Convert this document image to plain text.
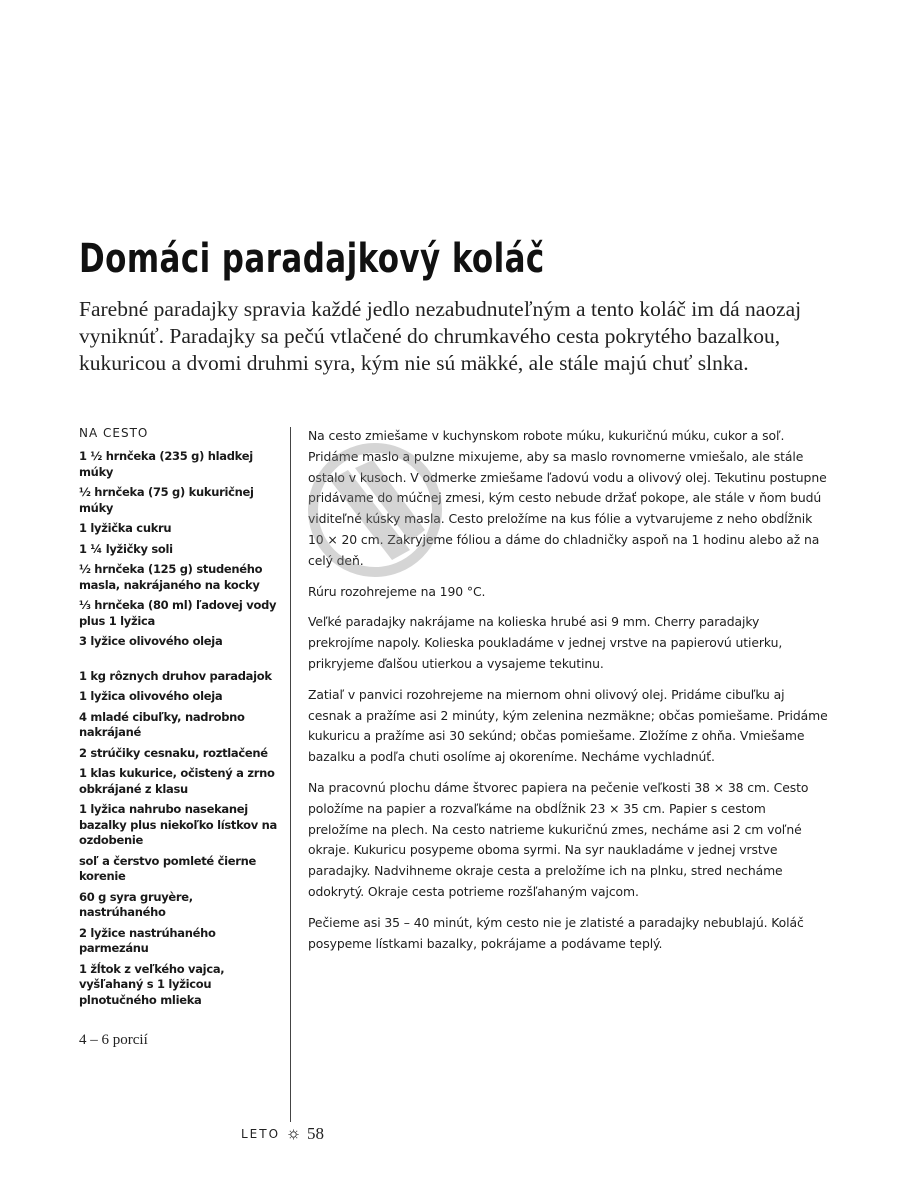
Domáci paradajkový koláč

Farebné paradajky spravia každé jedlo nezabudnuteľným a tento koláč im dá naozaj vyniknúť. Paradajky sa pečú vtlačené do chrumkavého cesta pokrytého bazalkou, kukuricou a dvomi druhmi syra, kým nie sú mäkké, ale stále majú chuť slnka.

NA CESTO
1 ½ hrnčeka (235 g) hladkej múky
½ hrnčeka (75 g) kukuričnej múky
1 lyžička cukru
1 ¼ lyžičky soli
½ hrnčeka (125 g) studeného masla, nakrájaného na kocky
⅓ hrnčeka (80 ml) ľadovej vody plus 1 lyžica
3 lyžice olivového oleja
1 kg rôznych druhov paradajok
1 lyžica olivového oleja
4 mladé cibuľky, nadrobno nakrájané
2 strúčiky cesnaku, roztlačené
1 klas kukurice, očistený a zrno obkrájané z klasu
1 lyžica nahrubo nasekanej bazalky plus niekoľko lístkov na ozdobenie
soľ a čerstvo pomleté čierne korenie
60 g syra gruyère, nastrúhaného
2 lyžice nastrúhaného parmezánu
1 žĺtok z veľkého vajca, vyšľahaný s 1 lyžicou plnotučného mlieka
4 – 6 porcií

Na cesto zmiešame v kuchynskom robote múku, kukuričnú múku, cukor a soľ. Pridáme maslo a pulzne mixujeme, aby sa maslo rovnomerne vmiešalo, ale stále ostalo v kusoch. V odmerke zmiešame ľadovú vodu a olivový olej. Tekutinu postupne pridávame do múčnej zmesi, kým cesto nebude držať pokope, ale stále v ňom budú viditeľné kúsky masla. Cesto preložíme na kus fólie a vytvarujeme z neho obdĺžnik 10 × 20 cm. Zakryjeme fóliou a dáme do chladničky aspoň na 1 hodinu alebo až na celý deň.

Rúru rozohrejeme na 190 °C.

Veľké paradajky nakrájame na kolieska hrubé asi 9 mm. Cherry paradajky prekrojíme napoly. Kolieska poukladáme v jednej vrstve na papierovú utierku, prikryjeme ďalšou utierkou a vysajeme tekutinu.

Zatiaľ v panvici rozohrejeme na miernom ohni olivový olej. Pridáme cibuľku aj cesnak a pražíme asi 2 minúty, kým zelenina nezmäkne; občas pomiešame. Pridáme kukuricu a pražíme asi 30 sekúnd; občas pomiešame. Zložíme z ohňa. Vmiešame bazalku a podľa chuti osolíme aj okoreníme. Necháme vychladnúť.

Na pracovnú plochu dáme štvorec papiera na pečenie veľkosti 38 × 38 cm. Cesto položíme na papier a rozvaľkáme na obdĺžnik 23 × 35 cm. Papier s cestom preložíme na plech. Na cesto natrieme kukuričnú zmes, necháme asi 2 cm voľné okraje. Kukuricu posypeme oboma syrmi. Na syr naukladáme v jednej vrstve paradajky. Nadvihneme okraje cesta a preložíme ich na plnku, stred necháme odokrytý. Okraje cesta potrieme rozšľahaným vajcom.

Pečieme asi 35 – 40 minút, kým cesto nie je zlatisté a paradajky nebublajú. Koláč posypeme lístkami bazalky, pokrájame a podávame teplý.

LETO 58
